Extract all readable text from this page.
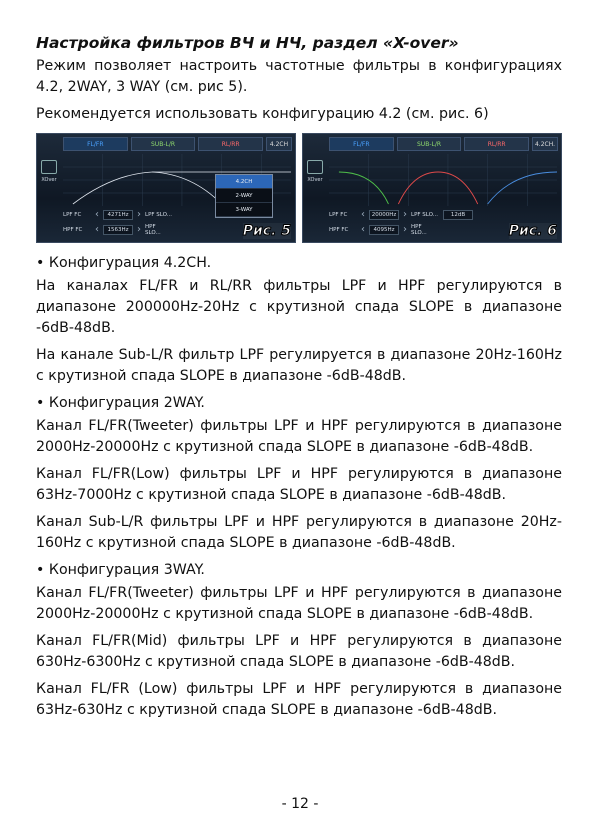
Настройка фильтров ВЧ и НЧ, раздел «X-over»

Режим позволяет настроить частотные фильтры в конфигурациях 4.2, 2WAY, 3 WAY (см. рис 5).

Рекомендуется использовать конфигурацию 4.2 (см. рис. 6)

FL/FR	SUB-L/R	RL/RR	4.2CH
XOver	4.2CH
2-WAY
3-WAY
LPF FC	‹	4271Hz › LPF SLO...
HPF FC	‹	1563Hz › HPF SLO...	Рис. 5
FL/FR	SUB-L/R	RL/RR	4.2CH.
XOver
LPF FC	‹	20000Hz › LPF SLO...	12dB
HPF FC	‹	4095Hz › HPF SLO...	Рис. 6
• Конфигурация 4.2CH.

На каналах FL/FR и RL/RR фильтры LPF и HPF регулируются в диапазоне 200000Hz-20Hz с крутизной спада SLOPE в диапазоне -6dB-48dB.

На канале Sub-L/R фильтр LPF регулируется в диапазоне 20Hz-160Hz с крутизной спада SLOPE в диапазоне -6dB-48dB.

• Конфигурация 2WAY.

Канал FL/FR(Tweeter) фильтры LPF и HPF регулируются в диапазоне 2000Hz-20000Hz с крутизной спада SLOPE в диапазоне -6dB-48dB.

Канал FL/FR(Low) фильтры LPF и HPF регулируются в диапазоне 63Hz-7000Hz с крутизной спада SLOPE в диапазоне -6dB-48dB.

Канал Sub-L/R фильтры LPF и HPF регулируются в диапазоне 20Hz-160Hz с крутизной спада SLOPE в диапазоне -6dB-48dB.

• Конфигурация 3WAY.

Канал FL/FR(Tweeter) фильтры LPF и HPF регулируются в диапазоне 2000Hz-20000Hz с крутизной спада SLOPE в диапазоне -6dB-48dB.

Канал FL/FR(Mid) фильтры LPF и HPF регулируются в диапазоне 630Hz-6300Hz с крутизной спада SLOPE в диапазоне -6dB-48dB.

Канал FL/FR (Low) фильтры LPF и HPF регулируются в диапазоне 63Hz-630Hz с крутизной спада SLOPE в диапазоне -6dB-48dB.

- 12 -
